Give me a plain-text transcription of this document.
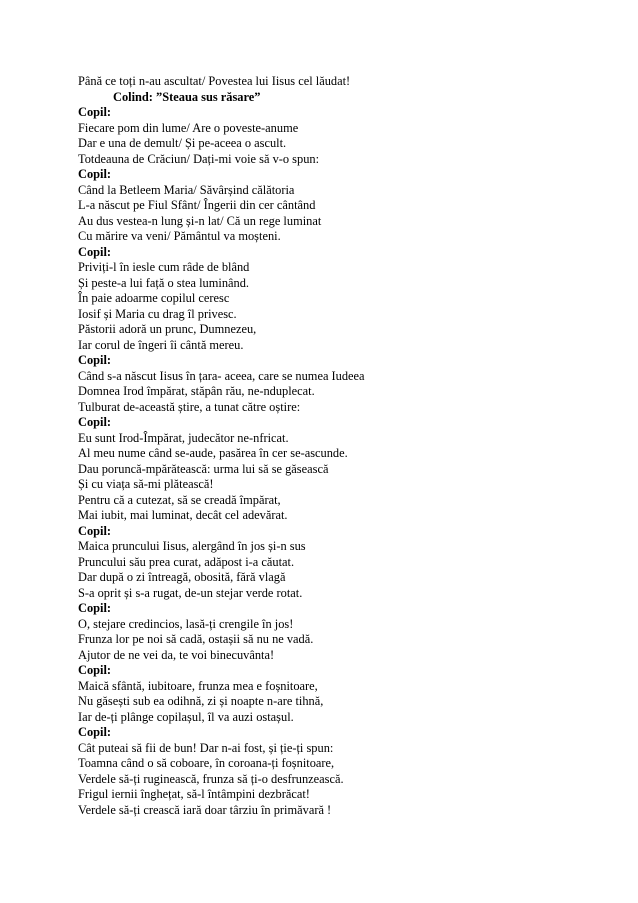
Până ce toți n-au ascultat/ Povestea lui Iisus cel lăudat!
Colind: ”Steaua sus răsare”
Copil:
Fiecare pom din lume/ Are o poveste-anume
Dar e una de demult/ Și pe-aceea o ascult.
Totdeauna de Crăciun/ Dați-mi voie să v-o spun:
Copil:
Când la Betleem Maria/ Săvârșind călătoria
L-a născut pe Fiul Sfânt/ Îngerii din cer cântând
Au dus vestea-n lung și-n lat/ Că un rege luminat
Cu mărire va veni/ Pământul va moșteni.
Copil:
Priviți-l în iesle cum râde de blând
Și peste-a lui față o stea luminând.
În paie adoarme copilul ceresc
Iosif și Maria cu drag îl privesc.
Păstorii adoră un prunc, Dumnezeu,
Iar corul de îngeri îi cântă mereu.
Copil:
Când s-a născut Iisus în țara- aceea, care se numea Iudeea
Domnea Irod împărat, stăpân rău, ne-nduplecat.
Tulburat de-această știre, a tunat către oștire:
Copil:
Eu sunt Irod-Împărat, judecător ne-nfricat.
Al meu nume când se-aude, pasărea în cer se-ascunde.
Dau poruncă-mpărătească: urma lui să se găsească
Și cu viața să-mi plătească!
Pentru că a cutezat, să se creadă împărat,
Mai iubit, mai luminat, decât cel adevărat.
Copil:
Maica pruncului Iisus, alergând în jos și-n sus
Pruncului său prea curat, adăpost i-a căutat.
Dar după o zi întreagă, obosită, fără vlagă
S-a oprit și s-a rugat, de-un stejar verde rotat.
Copil:
O, stejare credincios, lasă-ți crengile în jos!
Frunza lor pe noi să cadă, ostașii să nu ne vadă.
Ajutor de ne vei da, te voi binecuvânta!
Copil:
Maică sfântă, iubitoare, frunza mea e foșnitoare,
Nu găsești sub ea odihnă, zi și noapte n-are tihnă,
Iar de-ți plânge copilașul, îl va auzi ostașul.
Copil:
Cât puteai să fii de bun! Dar n-ai fost, și ție-ți spun:
Toamna când o să coboare, în coroana-ți foșnitoare,
Verdele să-ți ruginească, frunza să ți-o desfrunzească.
Frigul iernii înghețat, să-l întâmpini dezbrăcat!
Verdele să-ți crească iară doar târziu în primăvară !
